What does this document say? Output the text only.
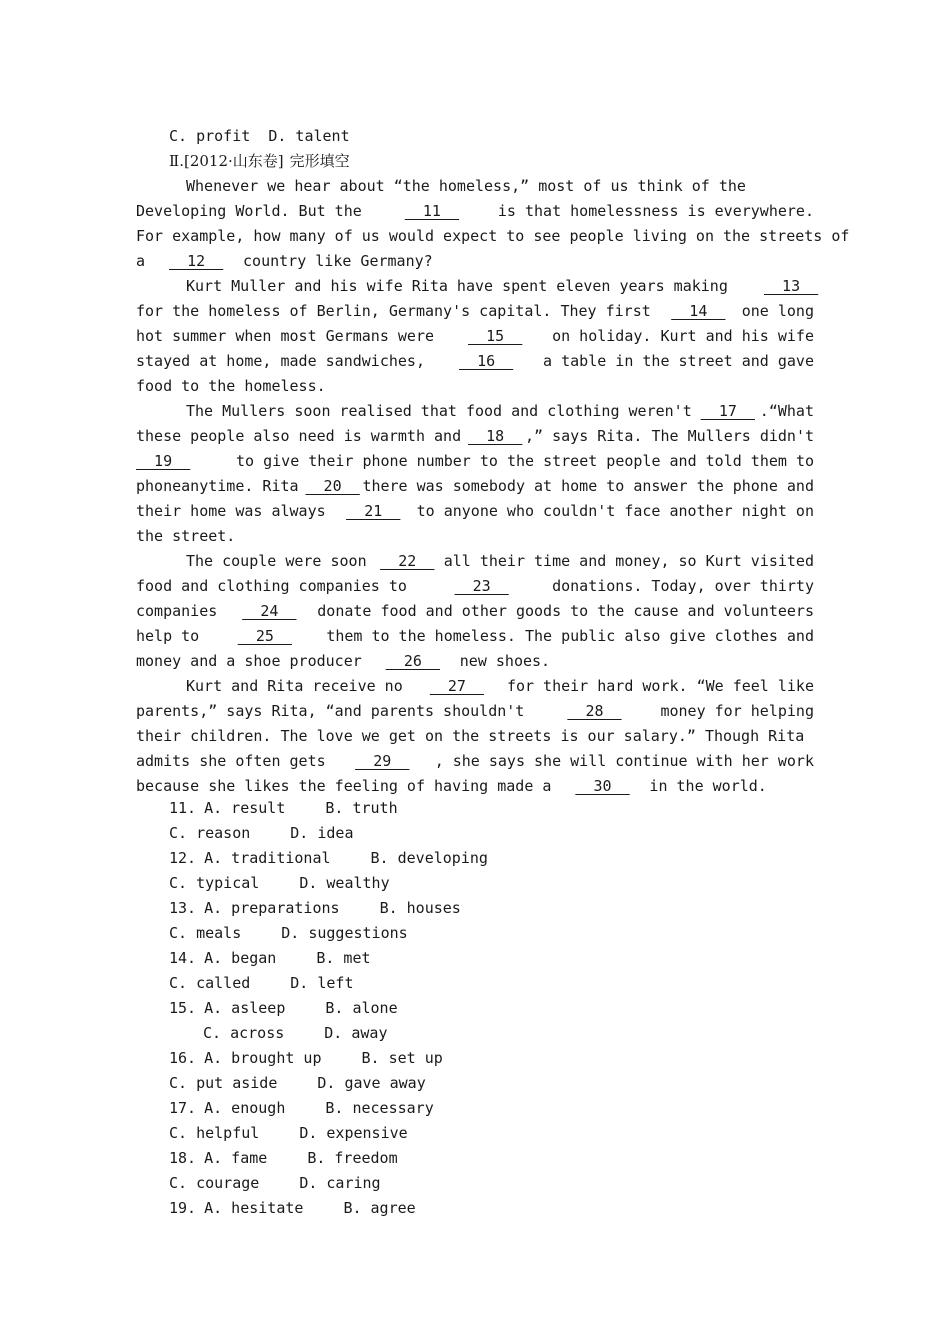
C. profit  D. talent
Ⅱ. [2012·山东卷] 完形填空
Whenever we hear about “the homeless,” most of us think of the
Developing World. But the	__11__	is that homelessness is everywhere.
For example, how many of us would expect to see people living on the streets of
a __12__ country like Germany?
Kurt Muller and his wife Rita have spent eleven years making __13__
for the homeless of Berlin, Germany's capital. They first __14__ one long
hot summer when most Germans were __15__ on holiday. Kurt and his wife
stayed at home, made sandwiches, __16__ a table in the street and gave
food to the homeless.
The Mullers soon realised that food and clothing weren't __17__ .“What
these people also need is warmth and __18__ ,” says Rita. The Mullers didn't
__19__	to give their phone number to the street people and told them to
phoneanytime. Rita __20__ there was somebody at home to answer the phone and
their home was always __21__ to anyone who couldn't face another night on
the street.
The couple were soon __22__ all their time and money, so Kurt visited
food and clothing companies to	__23__	donations. Today, over thirty
companies __24__ donate food and other goods to the cause and volunteers
help to	__25__ them to the homeless. The public also give clothes and
money and a shoe producer __26__ new shoes.
Kurt and Rita receive no __27__ for their hard work. “We feel like
parents,” says Rita, “and parents shouldn't	__28__	money for helping
their children. The love we get on the streets is our salary.” Though Rita
admits she often gets __29__ , she says she will continue with her work
because she likes the feeling of having made a __30__ in the world.
11. A. result	B. truth
C. reason	D. idea
12. A. traditional	B. developing
C. typical	D. wealthy
13. A. preparations	B. houses
C. meals	D. suggestions
14. A. began	B. met
C. called	D. left
15. A. asleep	B. alone
C. across	D. away
16. A. brought up	B. set up
C. put aside	D. gave away
17. A. enough	B. necessary
C. helpful	D. expensive
18. A. fame	B. freedom
C. courage	D. caring
19. A. hesitate	B. agree
